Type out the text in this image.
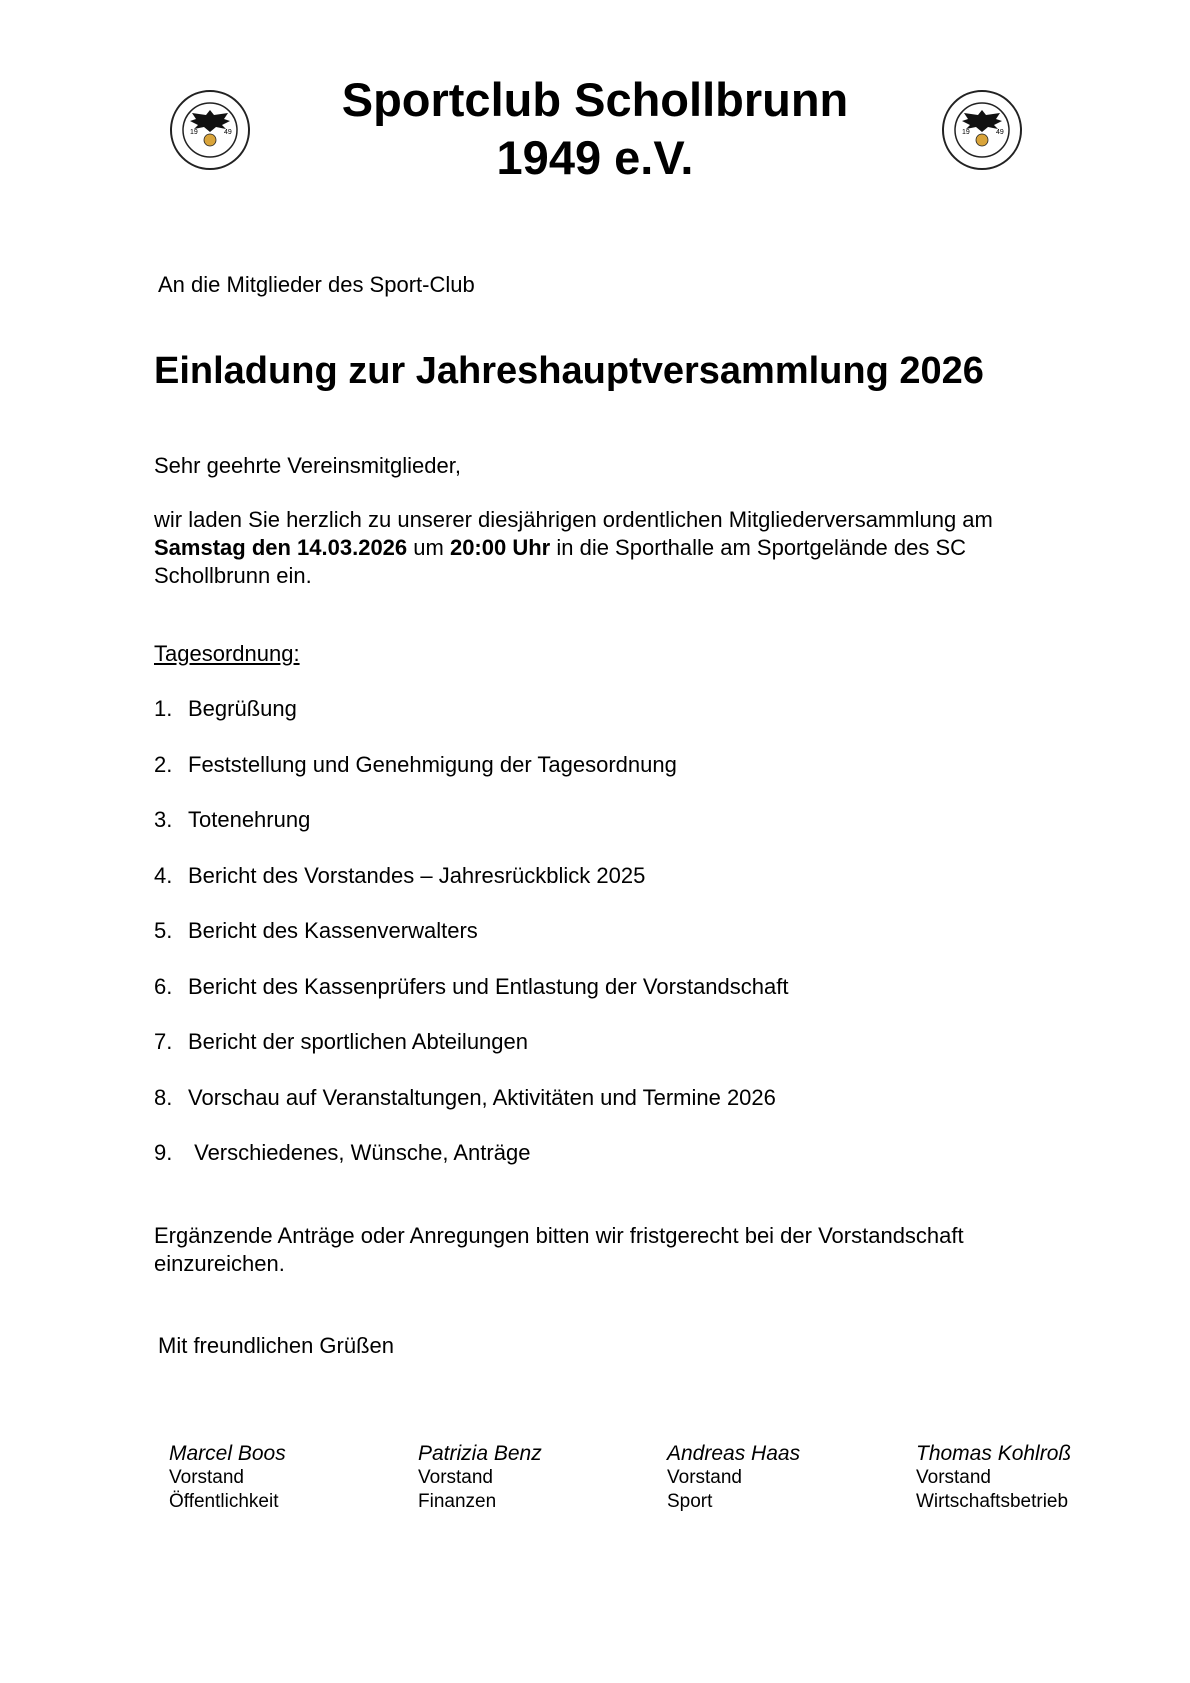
19	49	19	49
Sportclub Schollbrunn
1949 e.V.
An die Mitglieder des Sport-Club
Einladung zur Jahreshauptversammlung 2026
Sehr geehrte Vereinsmitglieder,
wir laden Sie herzlich zu unserer diesjährigen ordentlichen Mitgliederversammlung am Samstag den 14.03.2026 um 20:00 Uhr in die Sporthalle am Sportgelände des SC Schollbrunn ein.
Tagesordnung:
1. Begrüßung
2. Feststellung und Genehmigung der Tagesordnung
3. Totenehrung
4. Bericht des Vorstandes – Jahresrückblick 2025
5. Bericht des Kassenverwalters
6. Bericht des Kassenprüfers und Entlastung der Vorstandschaft
7. Bericht der sportlichen Abteilungen
8. Vorschau auf Veranstaltungen, Aktivitäten und Termine 2026
9. Verschiedenes, Wünsche, Anträge
Ergänzende Anträge oder Anregungen bitten wir fristgerecht bei der Vorstandschaft einzureichen.
Mit freundlichen Grüßen
Marcel Boos
Vorstand
Öffentlichkeit
Patrizia Benz
Vorstand
Finanzen
Andreas Haas
Vorstand
Sport
Thomas Kohlroß
Vorstand
Wirtschaftsbetrieb
